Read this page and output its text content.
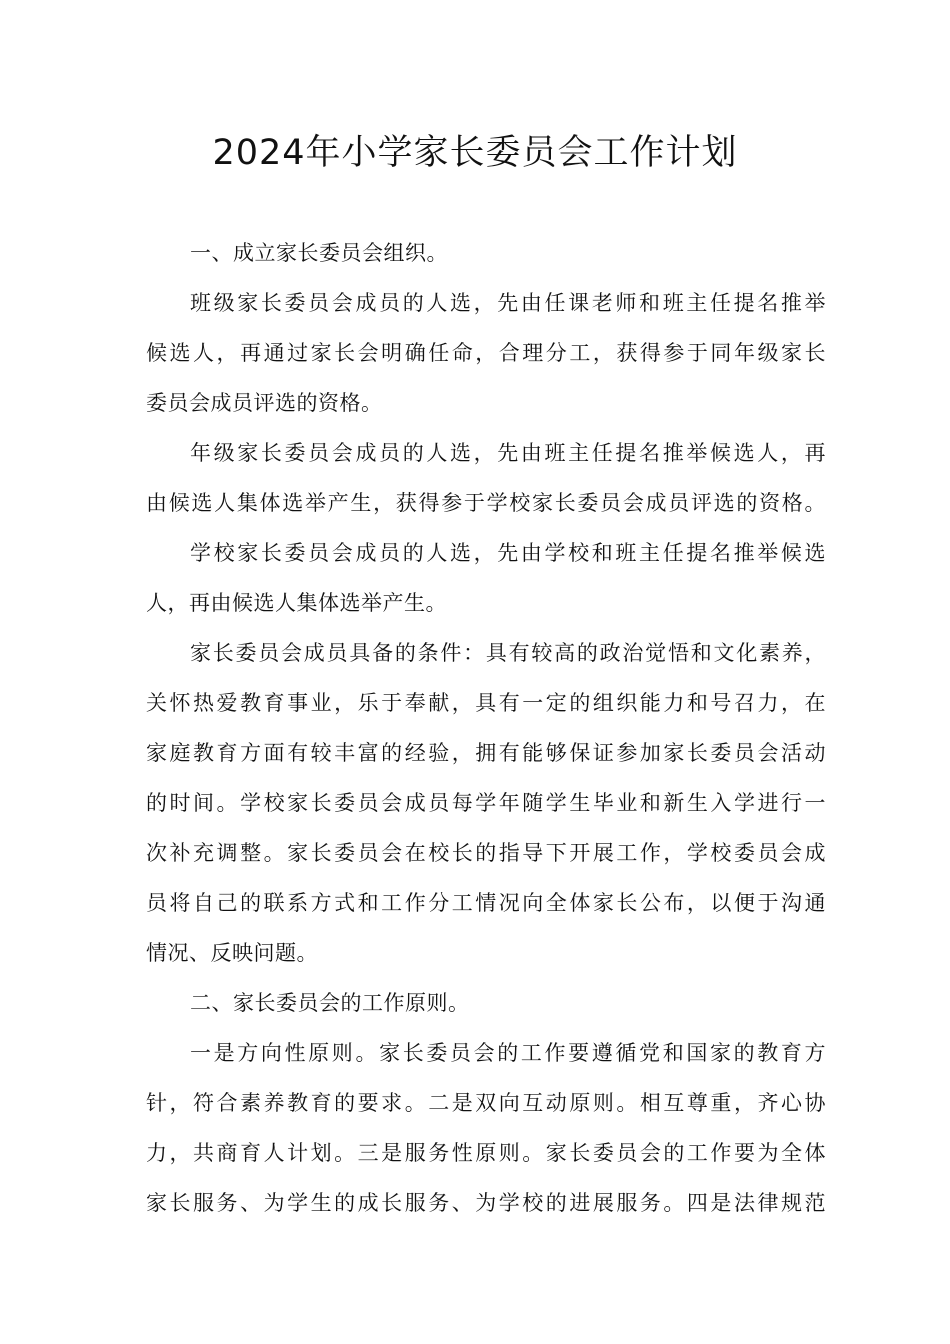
2024年小学家长委员会工作计划
一、成立家长委员会组织。
班级家长委员会成员的人选，先由任课老师和班主任提名推举
候选人，再通过家长会明确任命，合理分工，获得参于同年级家长
委员会成员评选的资格。
年级家长委员会成员的人选，先由班主任提名推举候选人，再
由候选人集体选举产生，获得参于学校家长委员会成员评选的资格。
学校家长委员会成员的人选，先由学校和班主任提名推举候选
人，再由候选人集体选举产生。
家长委员会成员具备的条件：具有较高的政治觉悟和文化素养，
关怀热爱教育事业，乐于奉献，具有一定的组织能力和号召力，在
家庭教育方面有较丰富的经验，拥有能够保证参加家长委员会活动
的时间。学校家长委员会成员每学年随学生毕业和新生入学进行一
次补充调整。家长委员会在校长的指导下开展工作，学校委员会成
员将自己的联系方式和工作分工情况向全体家长公布，以便于沟通
情况、反映问题。
二、家长委员会的工作原则。
一是方向性原则。家长委员会的工作要遵循党和国家的教育方
针，符合素养教育的要求。二是双向互动原则。相互尊重，齐心协
力，共商育人计划。三是服务性原则。家长委员会的工作要为全体
家长服务、为学生的成长服务、为学校的进展服务。四是法律规范
